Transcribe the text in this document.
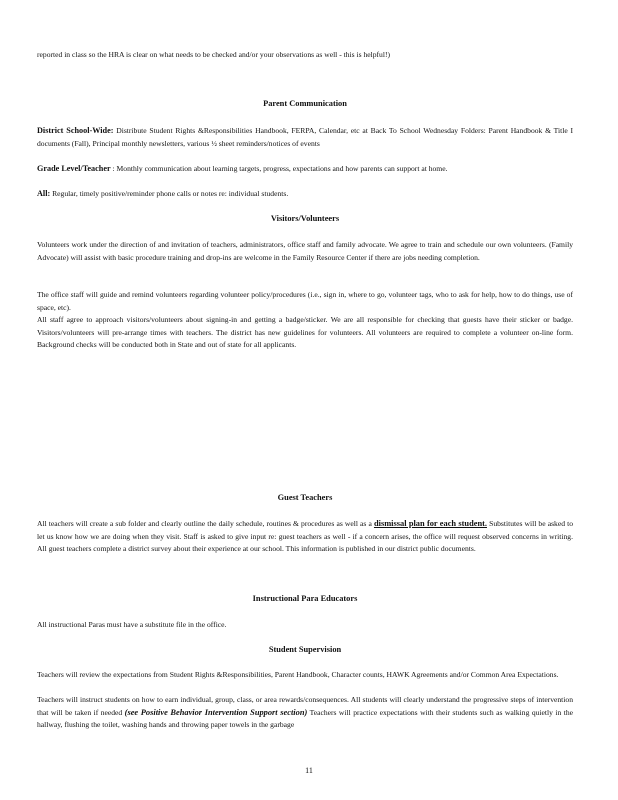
reported in class so the HRA is clear on what needs to be checked and/or your observations as well - this is helpful!)
Parent Communication
District School-Wide: Distribute Student Rights &Responsibilities Handbook, FERPA, Calendar, etc at Back To School Wednesday Folders: Parent Handbook & Title I documents (Fall), Principal monthly newsletters, various ½ sheet reminders/notices of events
Grade Level/Teacher : Monthly communication about learning targets, progress, expectations and how parents can support at home.
All: Regular, timely positive/reminder phone calls or notes re: individual students.
Visitors/Volunteers
Volunteers work under the direction of and invitation of teachers, administrators, office staff and family advocate. We agree to train and schedule our own volunteers. (Family Advocate) will assist with basic procedure training and drop-ins are welcome in the Family Resource Center if there are jobs needing completion.
The office staff will guide and remind volunteers regarding volunteer policy/procedures (i.e., sign in, where to go, volunteer tags, who to ask for help, how to do things, use of space, etc).
All staff agree to approach visitors/volunteers about signing-in and getting a badge/sticker. We are all responsible for checking that guests have their sticker or badge. Visitors/volunteers will pre-arrange times with teachers. The district has new guidelines for volunteers. All volunteers are required to complete a volunteer on-line form. Background checks will be conducted both in State and out of state for all applicants.
Guest Teachers
All teachers will create a sub folder and clearly outline the daily schedule, routines & procedures as well as a dismissal plan for each student. Substitutes will be asked to let us know how we are doing when they visit. Staff is asked to give input re: guest teachers as well - if a concern arises, the office will request observed concerns in writing. All guest teachers complete a district survey about their experience at our school. This information is published in our district public documents.
Instructional Para Educators
All instructional Paras must have a substitute file in the office.
Student Supervision
Teachers will review the expectations from Student Rights &Responsibilities, Parent Handbook, Character counts, HAWK Agreements and/or Common Area Expectations.
Teachers will instruct students on how to earn individual, group, class, or area rewards/consequences. All students will clearly understand the progressive steps of intervention that will be taken if needed (see Positive Behavior Intervention Support section) Teachers will practice expectations with their students such as walking quietly in the hallway, flushing the toilet, washing hands and throwing paper towels in the garbage
11
